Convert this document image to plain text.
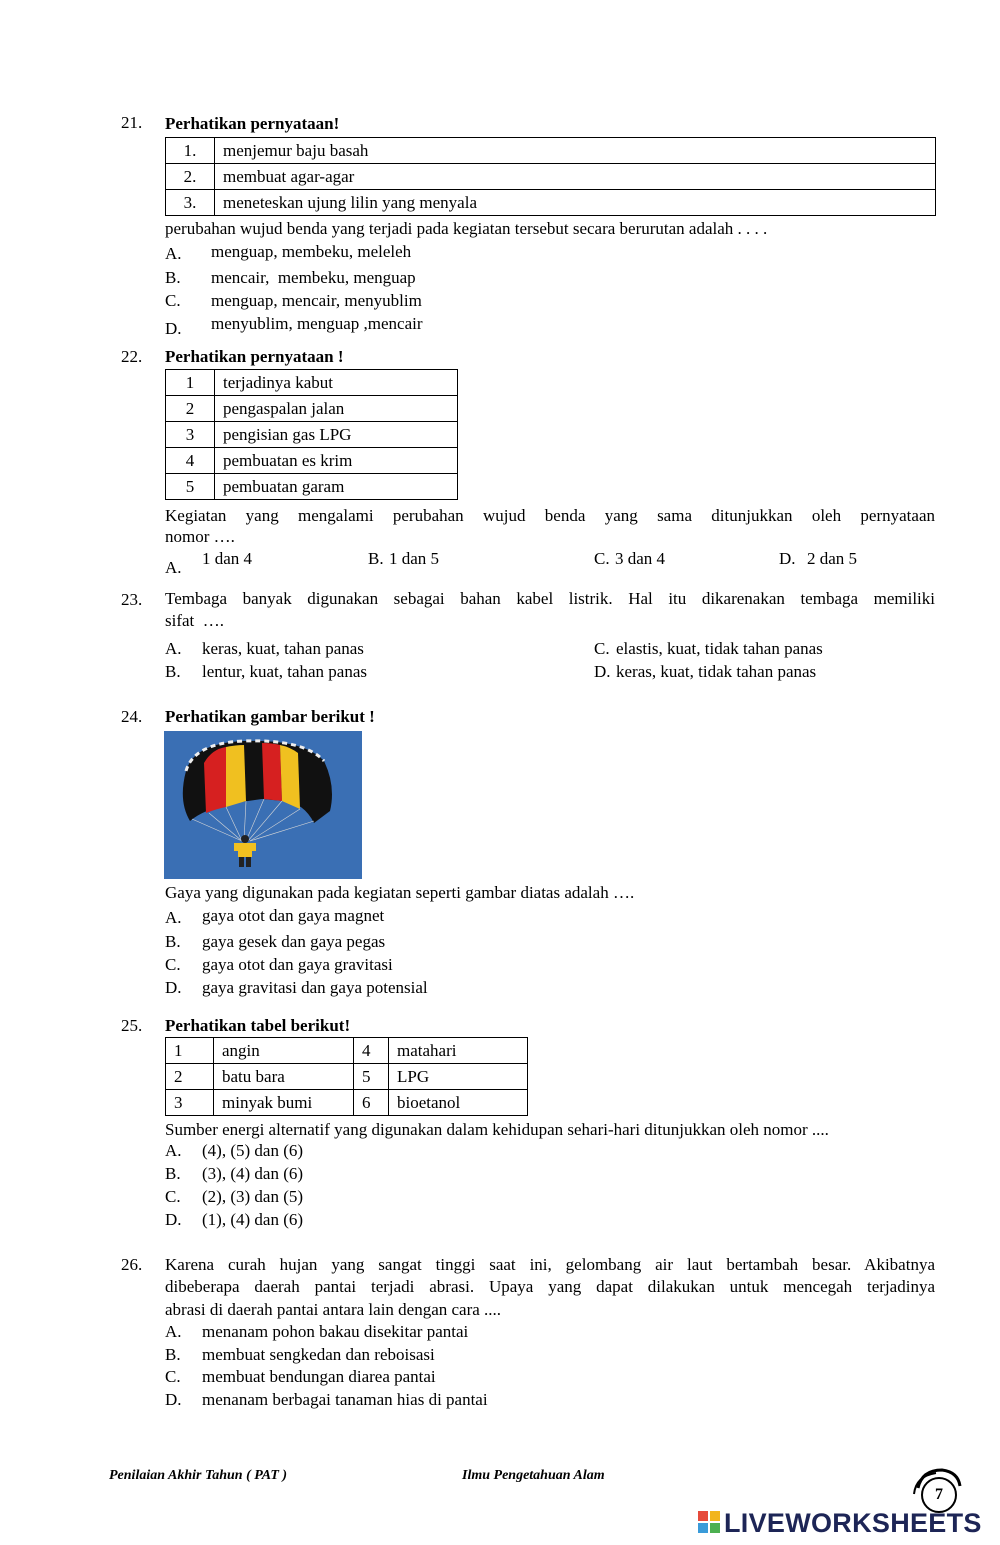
21. Perhatikan pernyataan!
1.	menjemur baju basah
2.	membuat agar-agar
3.	meneteskan ujung lilin yang menyala
perubahan wujud benda yang terjadi pada kegiatan tersebut secara berurutan adalah . . . .
A. menguap, membeku, meleleh
B. mencair,  membeku, menguap
C. menguap, mencair, menyublim
D. menyublim, menguap ,mencair
22. Perhatikan pernyataan !
1	terjadinya kabut
2	pengaspalan jalan
3	pengisian gas LPG
4	pembuatan es krim
5	pembuatan garam
Kegiatan yang mengalami perubahan wujud benda yang sama ditunjukkan oleh pernyataan
nomor ….
A. 1 dan 4	B. 1 dan 5	C. 3 dan 4	D. 2 dan 5
23. Tembaga banyak digunakan sebagai bahan kabel listrik. Hal itu dikarenakan tembaga memiliki
sifat  ….
A. keras, kuat, tahan panas
B. lentur, kuat, tahan panas
C. elastis, kuat, tidak tahan panas
D. keras, kuat, tidak tahan panas
24. Perhatikan gambar berikut !
Gaya yang digunakan pada kegiatan seperti gambar diatas adalah ….
A. gaya otot dan gaya magnet
B. gaya gesek dan gaya pegas
C. gaya otot dan gaya gravitasi
D. gaya gravitasi dan gaya potensial
25. Perhatikan tabel berikut!
1	angin	4	matahari
2	batu bara	5	LPG
3	minyak bumi	6	bioetanol
Sumber energi alternatif yang digunakan dalam kehidupan sehari-hari ditunjukkan oleh nomor ....
A. (4), (5) dan (6)
B. (3), (4) dan (6)
C. (2), (3) dan (5)
D. (1), (4) dan (6)
26. Karena curah hujan yang sangat tinggi saat ini, gelombang air laut bertambah besar. Akibatnya
dibeberapa daerah pantai terjadi abrasi. Upaya yang dapat dilakukan untuk mencegah terjadinya
abrasi di daerah pantai antara lain dengan cara ....
A. menanam pohon bakau disekitar pantai
B. membuat sengkedan dan reboisasi
C. membuat bendungan diarea pantai
D. menanam berbagai tanaman hias di pantai
Penilaian Akhir Tahun ( PAT )	Ilmu Pengetahuan Alam
7
LIVEWORKSHEETS
